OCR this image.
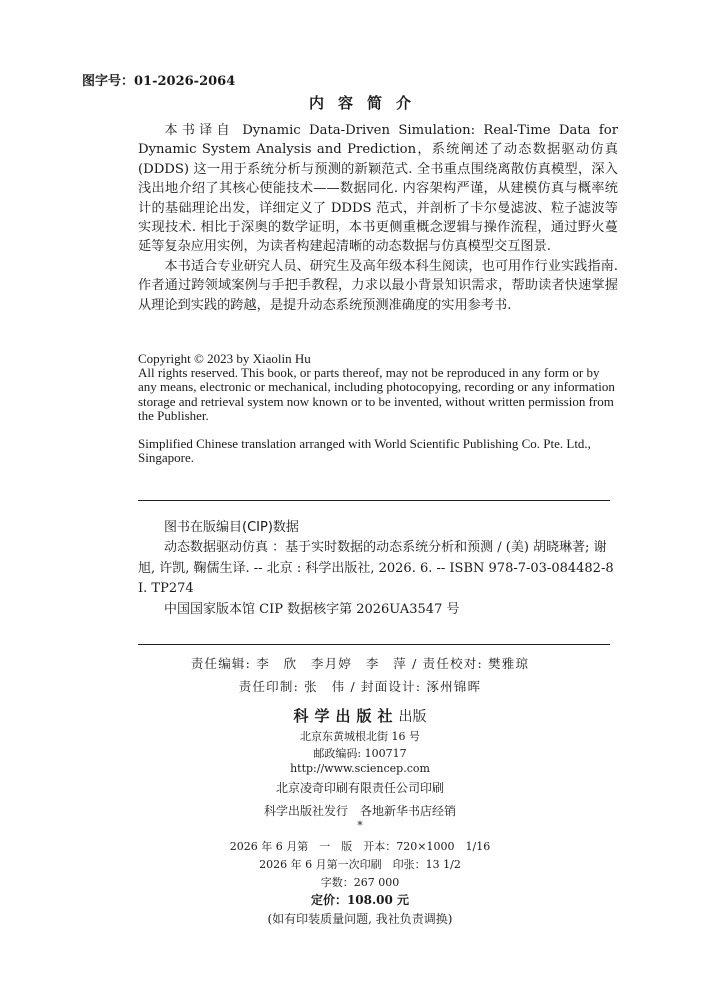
图字号：01-2026-2064
内容简介

本书译自 Dynamic Data-Driven Simulation: Real-Time Data for Dynamic System Analysis and Prediction，系统阐述了动态数据驱动仿真 (DDDS) 这一用于系统分析与预测的新颖范式. 全书重点围绕离散仿真模型，深入浅出地介绍了其核心使能技术——数据同化. 内容架构严谨，从建模仿真与概率统计的基础理论出发，详细定义了 DDDS 范式，并剖析了卡尔曼滤波、粒子滤波等实现技术. 相比于深奥的数学证明，本书更侧重概念逻辑与操作流程，通过野火蔓延等复杂应用实例，为读者构建起清晰的动态数据与仿真模型交互图景.

本书适合专业研究人员、研究生及高年级本科生阅读，也可用作行业实践指南. 作者通过跨领域案例与手把手教程，力求以最小背景知识需求，帮助读者快速掌握从理论到实践的跨越，是提升动态系统预测准确度的实用参考书.

Copyright © 2023 by Xiaolin Hu

All rights reserved. This book, or parts thereof, may not be reproduced in any form or by any means, electronic or mechanical, including photocopying, recording or any information storage and retrieval system now known or to be invented, without written permission from the Publisher.

Simplified Chinese translation arranged with World Scientific Publishing Co. Pte. Ltd., Singapore.

图书在版编目(CIP)数据

动态数据驱动仿真 ：基于实时数据的动态系统分析和预测 / (美) 胡晓琳著; 谢旭, 许凯, 鞠儒生译. -- 北京 : 科学出版社, 2026. 6. -- ISBN 978-7-03-084482-8

Ⅰ. TP274

中国国家版本馆 CIP 数据核字第 2026UA3547 号

责任编辑: 李　欣　李月婷　李　萍 / 责任校对: 樊雅琼
责任印制: 张　伟 / 封面设计: 涿州锦晖
科学出版社出版
北京东黄城根北街 16 号
邮政编码: 100717
http://www.sciencep.com
北京凌奇印刷有限责任公司印刷
科学出版社发行　各地新华书店经销
*
2026 年 6 月第　一　版　开本：720×1000　1/16
2026 年 6 月第一次印刷　印张：13 1/2
字数：267 000
定价：108.00 元
(如有印装质量问题, 我社负责调换)
